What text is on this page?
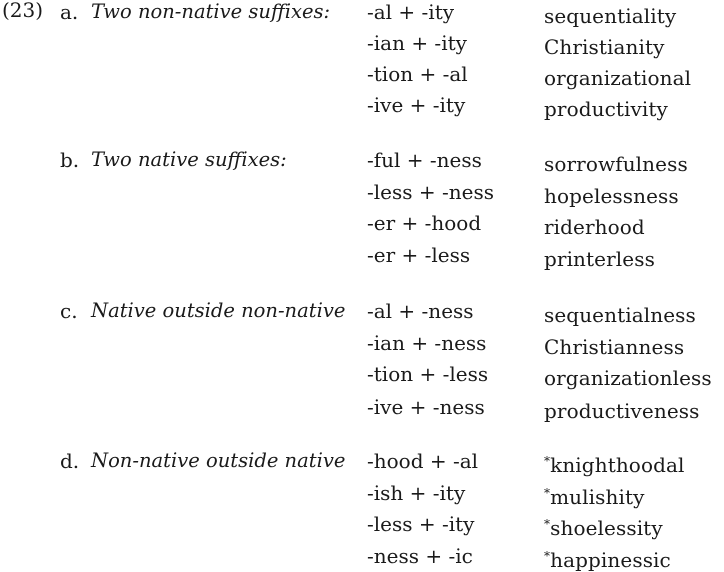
(23) a. Two non-native suffixes: -al + -ity	sequentiality
-ian + -ity	Christianity
-tion + -al	organizational
-ive + -ity	productivity
b. Two native suffixes:	-ful + -ness	sorrowfulness
-less + -ness	hopelessness
-er + -hood	riderhood
-er + -less	printerless
c. Native outside non-native -al + -ness	sequentialness
-ian + -ness	Christianness
-tion + -less	organizationless
-ive + -ness	productiveness
d. Non-native outside native -hood + -al	*knighthoodal
-ish + -ity	*mulishity
-less + -ity	*shoelessity
-ness + -ic	*happinessic
